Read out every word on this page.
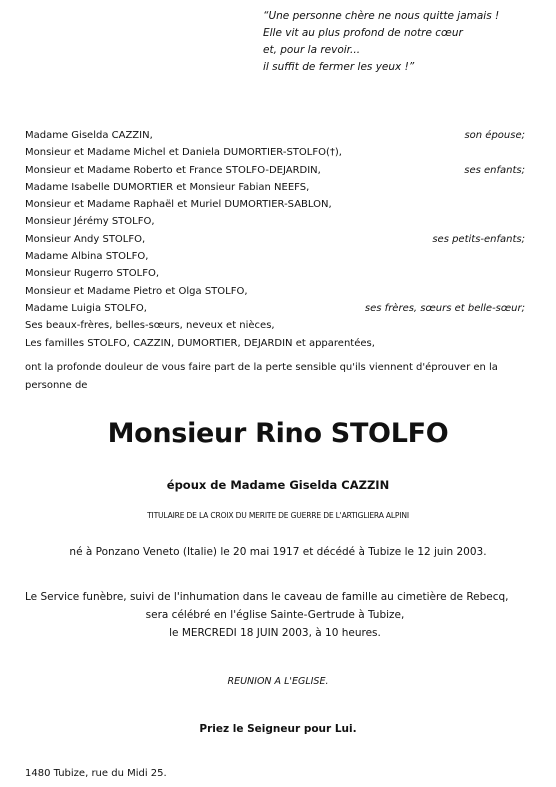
“Une personne chère ne nous quitte jamais !
Elle vit au plus profond de notre cœur
et, pour la revoir...
il suffit de fermer les yeux !”
Madame Giselda CAZZIN,	son épouse;
Monsieur et Madame Michel et Daniela DUMORTIER-STOLFO(†),
Monsieur et Madame Roberto et France STOLFO-DEJARDIN,	ses enfants;
Madame Isabelle DUMORTIER et Monsieur Fabian NEEFS,
Monsieur et Madame Raphaël et Muriel DUMORTIER-SABLON,
Monsieur Jérémy STOLFO,
Monsieur Andy STOLFO,	ses petits-enfants;
Madame Albina STOLFO,
Monsieur Rugerro STOLFO,
Monsieur et Madame Pietro et Olga STOLFO,
Madame Luigia STOLFO,	ses frères, sœurs et belle-sœur;
Ses beaux-frères, belles-sœurs, neveux et nièces,
Les familles STOLFO, CAZZIN, DUMORTIER, DEJARDIN et apparentées,
ont la profonde douleur de vous faire part de la perte sensible qu'ils viennent d'éprouver en la personne de
Monsieur Rino STOLFO
époux de Madame Giselda CAZZIN
TITULAIRE DE LA CROIX DU MERITE DE GUERRE DE L'ARTIGLIERA ALPINI
né à Ponzano Veneto (Italie) le 20 mai 1917 et décédé à Tubize le 12 juin 2003.
Le Service funèbre, suivi de l'inhumation dans le caveau de famille au cimetière de Rebecq,
sera célébré en l'église Sainte-Gertrude à Tubize,
le MERCREDI 18 JUIN 2003, à 10 heures.
REUNION A L'EGLISE.
Priez le Seigneur pour Lui.
1480 Tubize, rue du Midi 25.
